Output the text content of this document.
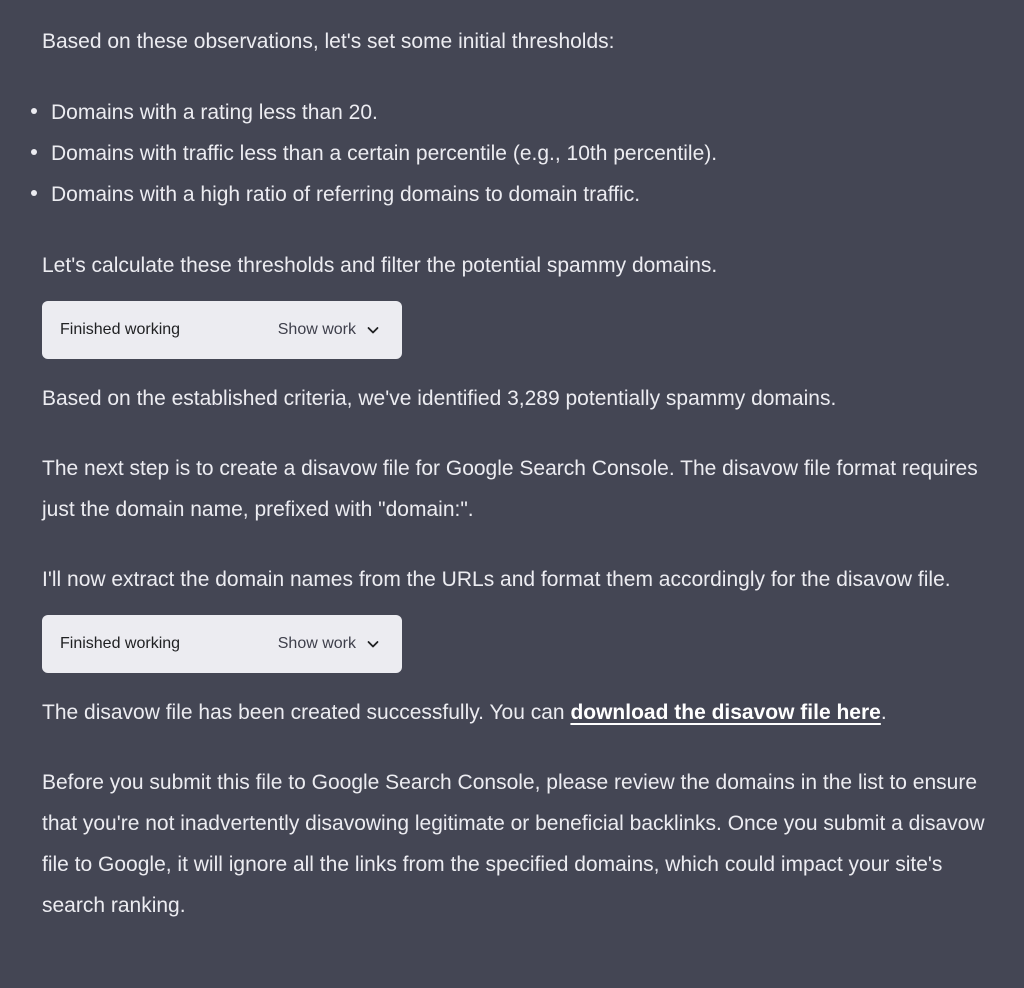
Based on these observations, let's set some initial thresholds:

Domains with a rating less than 20.
Domains with traffic less than a certain percentile (e.g., 10th percentile).
Domains with a high ratio of referring domains to domain traffic.

Let's calculate these thresholds and filter the potential spammy domains.

Finished working	Show work

Based on the established criteria, we've identified 3,289 potentially spammy domains.

The next step is to create a disavow file for Google Search Console. The disavow file format requires just the domain name, prefixed with "domain:".

I'll now extract the domain names from the URLs and format them accordingly for the disavow file.

Finished working	Show work

The disavow file has been created successfully. You can download the disavow file here.

Before you submit this file to Google Search Console, please review the domains in the list to ensure that you're not inadvertently disavowing legitimate or beneficial backlinks. Once you submit a disavow file to Google, it will ignore all the links from the specified domains, which could impact your site's search ranking.
